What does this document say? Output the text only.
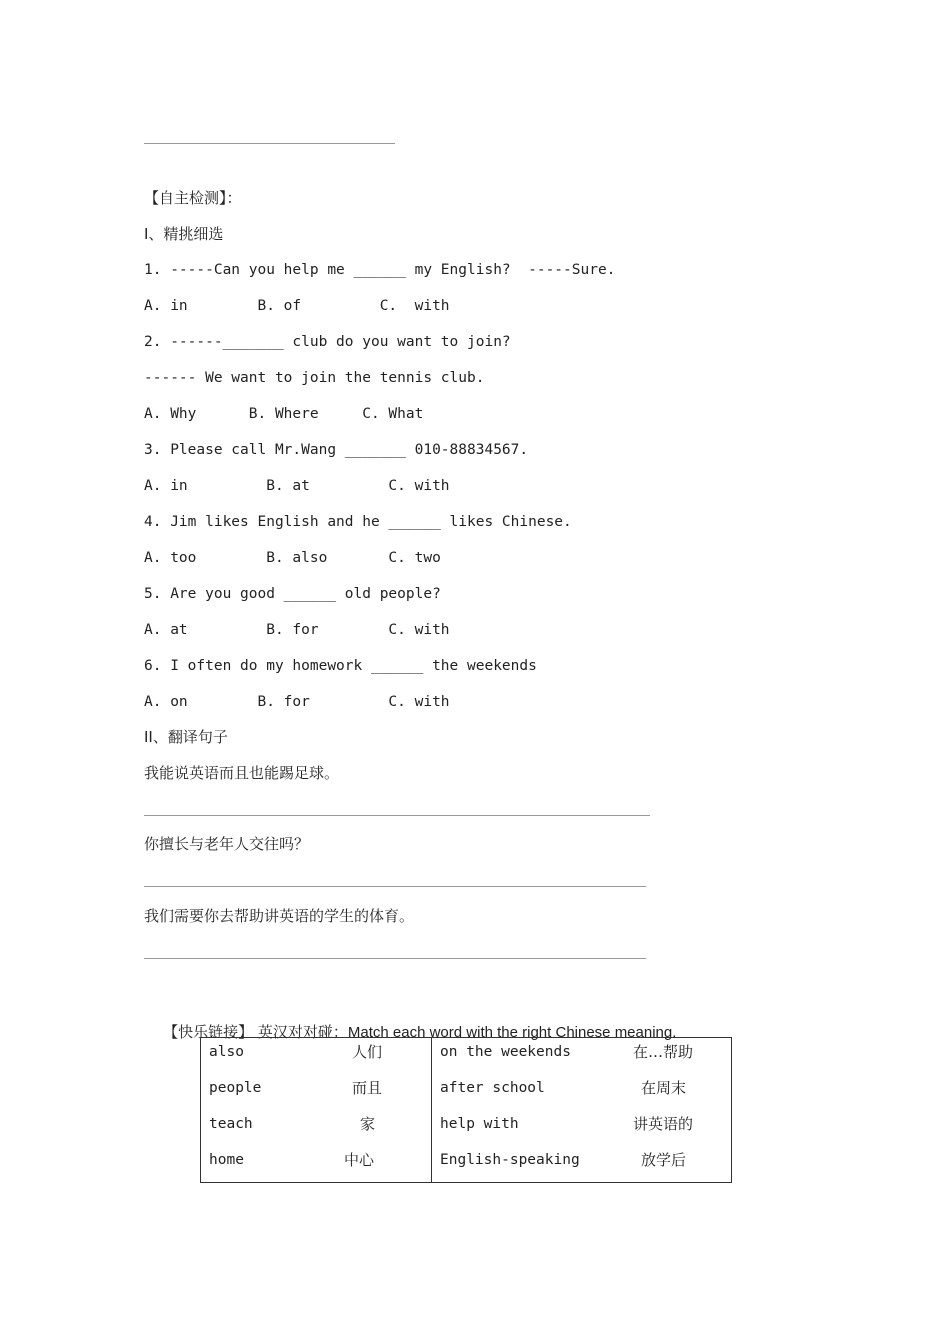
【自主检测】：
I、精挑细选
1. -----Can you help me ______ my English?  -----Sure.
A. in        B. of         C.  with
2. ------_______ club do you want to join?
------ We want to join the tennis club.
A. Why      B. Where     C. What
3. Please call Mr.Wang _______ 010-88834567.
A. in         B. at         C. with
4. Jim likes English and he ______ likes Chinese.
A. too        B. also       C. two
5. Are you good ______ old people?
A. at         B. for        C. with
6. I often do my homework ______ the weekends
A. on        B. for         C. with
II、翻译句子
我能说英语而且也能踢足球。
你擅长与老年人交往吗？
我们需要你去帮助讲英语的学生的体育。

【快乐链接】 英汉对对碰：Match each word with the right Chinese meaning.

also	人们
people	而且
teach	家
home	中心
on the weekends	在…帮助
after school	在周末
help with	讲英语的
English-speaking	放学后
